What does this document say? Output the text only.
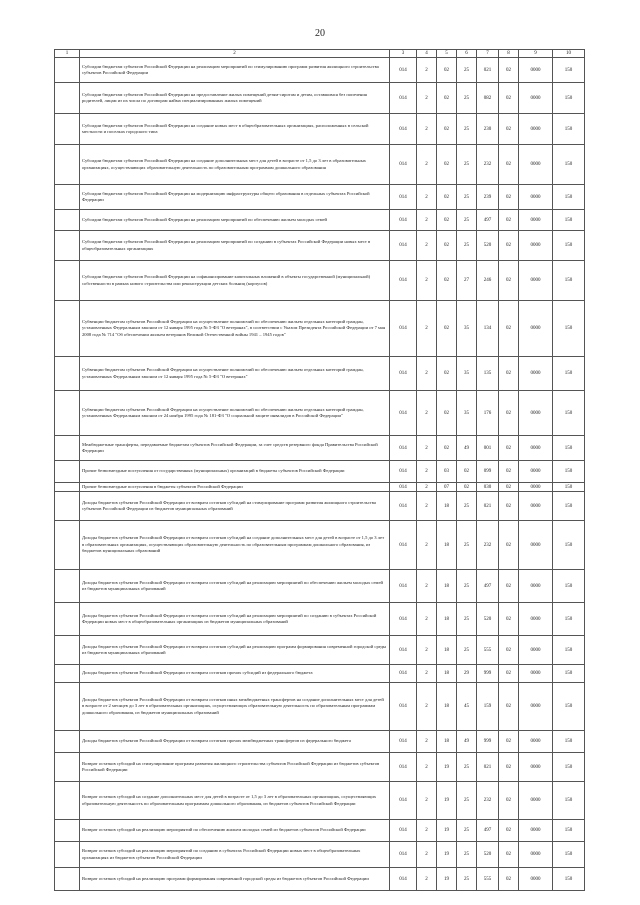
20
1	2	3	4	5	6	7	8	9	10
	Субсидии бюджетам субъектов Российской Федерации на реализацию мероприятий по стимулированию программ развития жилищного строительства субъектов Российской Федерации	014	2	02	25	021	02	0000	150
	Субсидии бюджетам субъектов Российской Федерации на предоставление жилых помещений детям-сиротам и детям, оставшимся без попечения родителей, лицам из их числа по договорам найма специализированных жилых помещений	014	2	02	25	082	02	0000	150
	Субсидии бюджетам субъектов Российской Федерации на создание новых мест в общеобразовательных организациях, расположенных в сельской местности и поселках городского типа	014	2	02	25	230	02	0000	150
	Субсидии бюджетам субъектов Российской Федерации на создание дополнительных мест для детей в возрасте от 1,5 до 3 лет в образовательных организациях, осуществляющих образовательную деятельность по образовательным программам дошкольного образования	014	2	02	25	232	02	0000	150
	Субсидии бюджетам субъектов Российской Федерации на модернизацию инфраструктуры общего образования в отдельных субъектах Российской Федерации	014	2	02	25	239	02	0000	150
	Субсидии бюджетам субъектов Российской Федерации на реализацию мероприятий по обеспечению жильем молодых семей	014	2	02	25	497	02	0000	150
	Субсидии бюджетам субъектов Российской Федерации на реализацию мероприятий по созданию в субъектах Российской Федерации новых мест в общеобразовательных организациях	014	2	02	25	520	02	0000	150
	Субсидии бюджетам субъектов Российской Федерации на софинансирование капитальных вложений в объекты государственной (муниципальной) собственности в рамках нового строительства или реконструкции детских больниц (корпусов)	014	2	02	27	246	02	0000	150
	Субвенции бюджетам субъектов Российской Федерации на осуществление полномочий по обеспечению жильем отдельных категорий граждан, установленных Федеральным законом от 12 января 1995 года № 5-ФЗ "О ветеранах", в соответствии с Указом Президента Российской Федерации от 7 мая 2008 года № 714 "Об обеспечении жильем ветеранов Великой Отечественной войны 1941 – 1945 годов"	014	2	02	35	134	02	0000	150
	Субвенции бюджетам субъектов Российской Федерации на осуществление полномочий по обеспечению жильем отдельных категорий граждан, установленных Федеральным законом от 12 января 1995 года № 5-ФЗ "О ветеранах"	014	2	02	35	135	02	0000	150
	Субвенции бюджетам субъектов Российской Федерации на осуществление полномочий по обеспечению жильем отдельных категорий граждан, установленных Федеральным законом от 24 ноября 1995 года № 181-ФЗ "О социальной защите инвалидов в Российской Федерации"	014	2	02	35	176	02	0000	150
	Межбюджетные трансферты, передаваемые бюджетам субъектов Российской Федерации, за счет средств резервного фонда Правительства Российской Федерации	014	2	02	49	001	02	0000	150
	Прочие безвозмездные поступления от государственных (муниципальных) организаций в бюджеты субъектов Российской Федерации	014	2	03	02	099	02	0000	150
	Прочие безвозмездные поступления в бюджеты субъектов Российской Федерации	014	2	07	02	030	02	0000	150
	Доходы бюджетов субъектов Российской Федерации от возврата остатков субсидий на стимулирование программ развития жилищного строительства субъектов Российской Федерации из бюджетов муниципальных образований	014	2	18	25	021	02	0000	150
	Доходы бюджетов субъектов Российской Федерации от возврата остатков субсидий на создание дополнительных мест для детей в возрасте от 1,5 до 3 лет в образовательных организациях, осуществляющих образовательную деятельность по образовательным программам дошкольного образования, из бюджетов муниципальных образований	014	2	18	25	232	02	0000	150
	Доходы бюджетов субъектов Российской Федерации от возврата остатков субсидий на реализацию мероприятий по обеспечению жильем молодых семей из бюджетов муниципальных образований	014	2	18	25	497	02	0000	150
	Доходы бюджетов субъектов Российской Федерации от возврата остатков субсидий на реализацию мероприятий по созданию в субъектах Российской Федерации новых мест в общеобразовательных организациях из бюджетов муниципальных образований	014	2	18	25	520	02	0000	150
	Доходы бюджетов субъектов Российской Федерации от возврата остатков субсидий на реализацию программ формирования современной городской среды из бюджетов муниципальных образований	014	2	18	25	555	02	0000	150
	Доходы бюджетов субъектов Российской Федерации от возврата остатков прочих субсидий из федерального бюджета	014	2	18	29	999	02	0000	150
	Доходы бюджетов субъектов Российской Федерации от возврата остатков иных межбюджетных трансфертов на создание дополнительных мест для детей в возрасте от 2 месяцев до 3 лет в образовательных организациях, осуществляющих образовательную деятельность по образовательным программам дошкольного образования, из бюджетов муниципальных образований	014	2	18	45	159	02	0000	150
	Доходы бюджетов субъектов Российской Федерации от возврата остатков прочих межбюджетных трансфертов из федерального бюджета	014	2	18	49	999	02	0000	150
	Возврат остатков субсидий на стимулирование программ развития жилищного строительства субъектов Российской Федерации из бюджетов субъектов Российской Федерации	014	2	19	25	021	02	0000	150
	Возврат остатков субсидий на создание дополнительных мест для детей в возрасте от 1,5 до 3 лет в образовательных организациях, осуществляющих образовательную деятельность по образовательным программам дошкольного образования, из бюджетов субъектов Российской Федерации	014	2	19	25	232	02	0000	150
	Возврат остатков субсидий на реализацию мероприятий по обеспечению жильем молодых семей из бюджетов субъектов Российской Федерации	014	2	19	25	497	02	0000	150
	Возврат остатков субсидий на реализацию мероприятий по созданию в субъектах Российской Федерации новых мест в общеобразовательных организациях из бюджетов субъектов Российской Федерации	014	2	19	25	520	02	0000	150
	Возврат остатков субсидий на реализацию программ формирования современной городской среды из бюджетов субъектов Российской Федерации	014	2	19	25	555	02	0000	150
